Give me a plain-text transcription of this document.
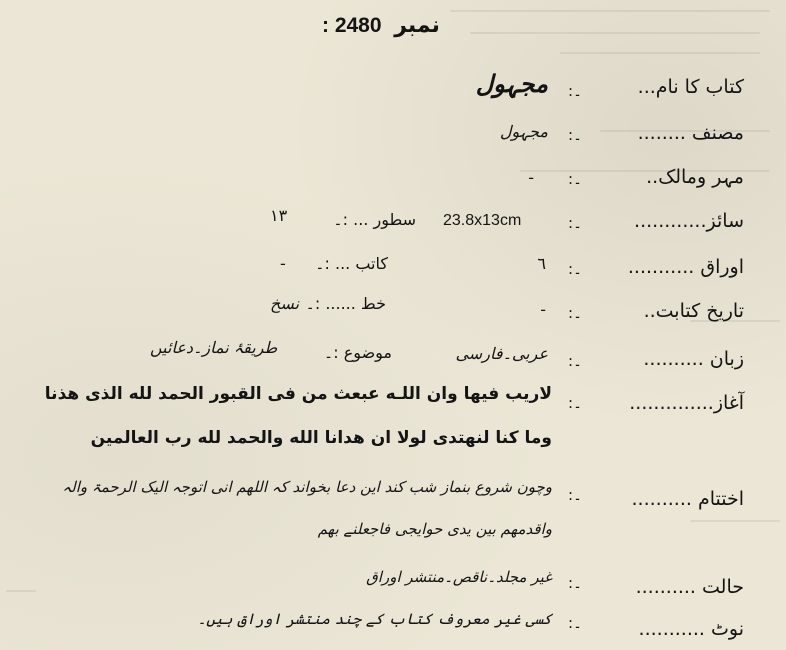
: 2480 نمبر
کتاب کا نام...
:۔
مجہول
مصنف ........
:۔
مجہول
مہر ومالک..
:۔
-
سائز............
:۔
23.8x13cm
سطور ... :۔
۱۳
اوراق ...........
:۔
٦
کاتب ... :۔
-
تاریخ کتابت..
:۔
-
خط ...... :۔
نسخ
زبان ..........
:۔
عربی۔فارسی
موضوع :۔
طریقۂ نماز۔دعائیں
آغاز..............
:۔
لاريب فيها وان اللـه عبعث من فى القبور الحمد لله الذى هذنا
وما كنا لنهتدى لولا ان هدانا الله والحمد لله رب العالمين
اختتام ..........
:۔
وچون شروع بنماز شب کند این دعا بخواند کہ اللھم انی اتوجہ الیک الرحمۃ والہ
واقدمهم بین یدی حوایجی فاجعلنے بھم
حالت ..........
:۔
غیر مجلد۔ناقص۔منتشر اوراق
نوٹ ...........
:۔
کسی غیر معروف کتاب کے چند منتشر اوراق ہیں۔
